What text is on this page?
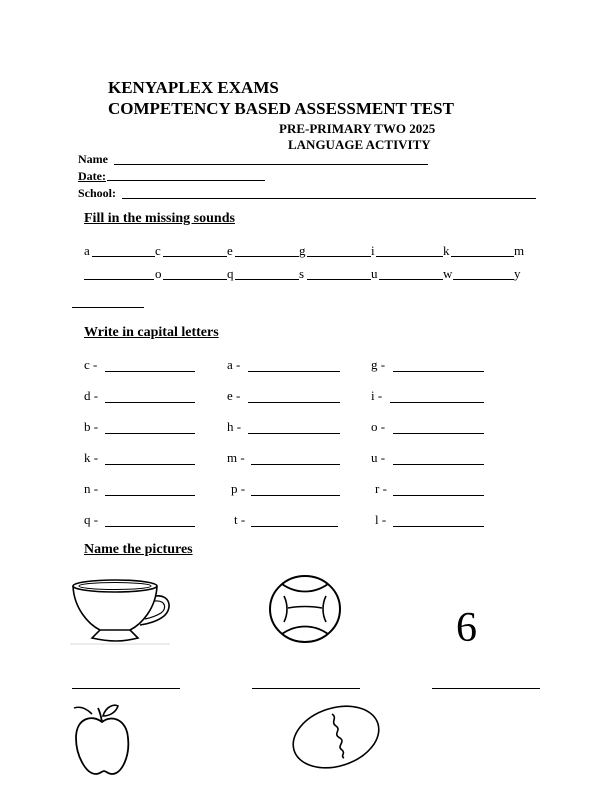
KENYAPLEX EXAMS
COMPETENCY BASED ASSESSMENT TEST
PRE-PRIMARY TWO 2025
LANGUAGE ACTIVITY
Name
Date:
School:
Fill in the missing sounds
a	c	e	g	i	k	m
o	q	s	u	w	y
Write in capital letters
c -	a -	g -
d -	e -	i -
b -	h -	o -
k -	m -	u -
n -	p -	r -
q -	t -	l -
Name the pictures
6
